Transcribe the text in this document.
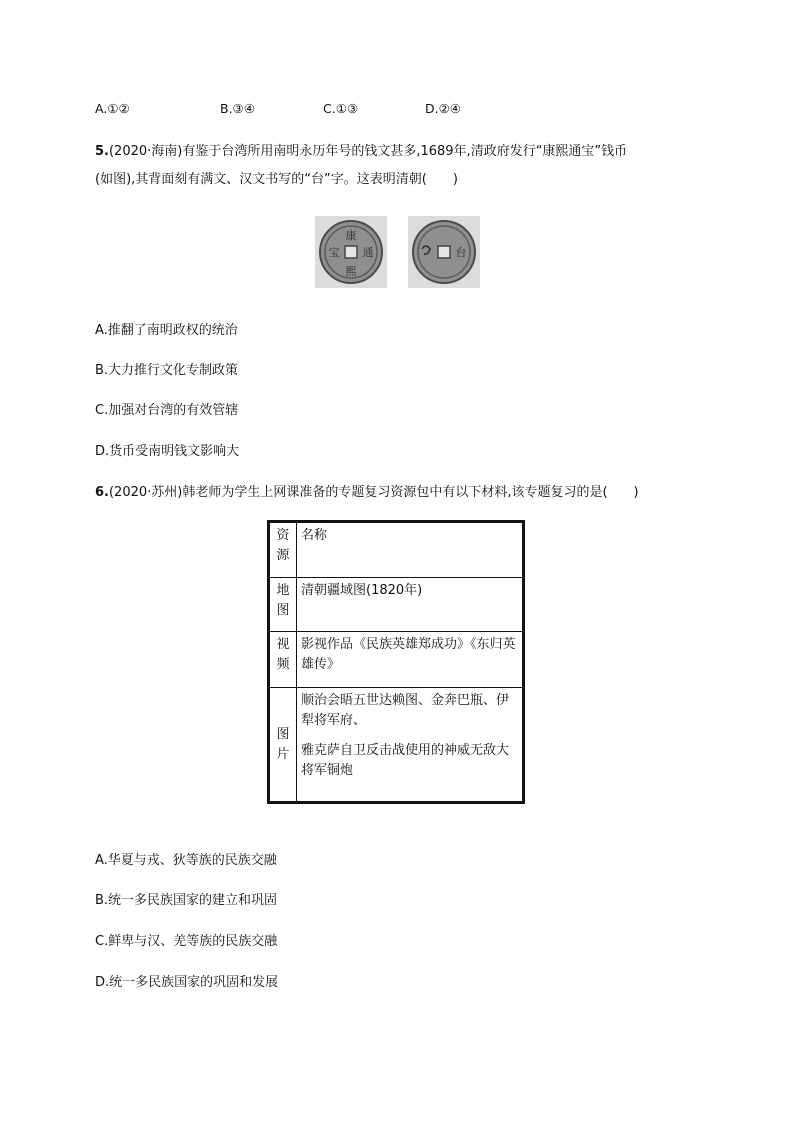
A.①②	B.③④	C.①③	D.②④
5.(2020·海南)有鉴于台湾所用南明永历年号的钱文甚多,1689年,清政府发行“康熙通宝”钱币
(如图),其背面刻有满文、汉文书写的“台”字。这表明清朝(　　)
康
熙
通
宝	台
A.推翻了南明政权的统治
B.大力推行文化专制政策
C.加强对台湾的有效管辖
D.货币受南明钱文影响大
6.(2020·苏州)韩老师为学生上网课准备的专题复习资源包中有以下材料,该专题复习的是(　　)
资源	名称
地图	清朝疆域图(1820年)
视频	影视作品《民族英雄郑成功》《东归英雄传》
图片	顺治会晤五世达赖图、金奔巴瓶、伊犁将军府、

雅克萨自卫反击战使用的神威无敌大将军铜炮

A.华夏与戎、狄等族的民族交融
B.统一多民族国家的建立和巩固
C.鲜卑与汉、羌等族的民族交融
D.统一多民族国家的巩固和发展
